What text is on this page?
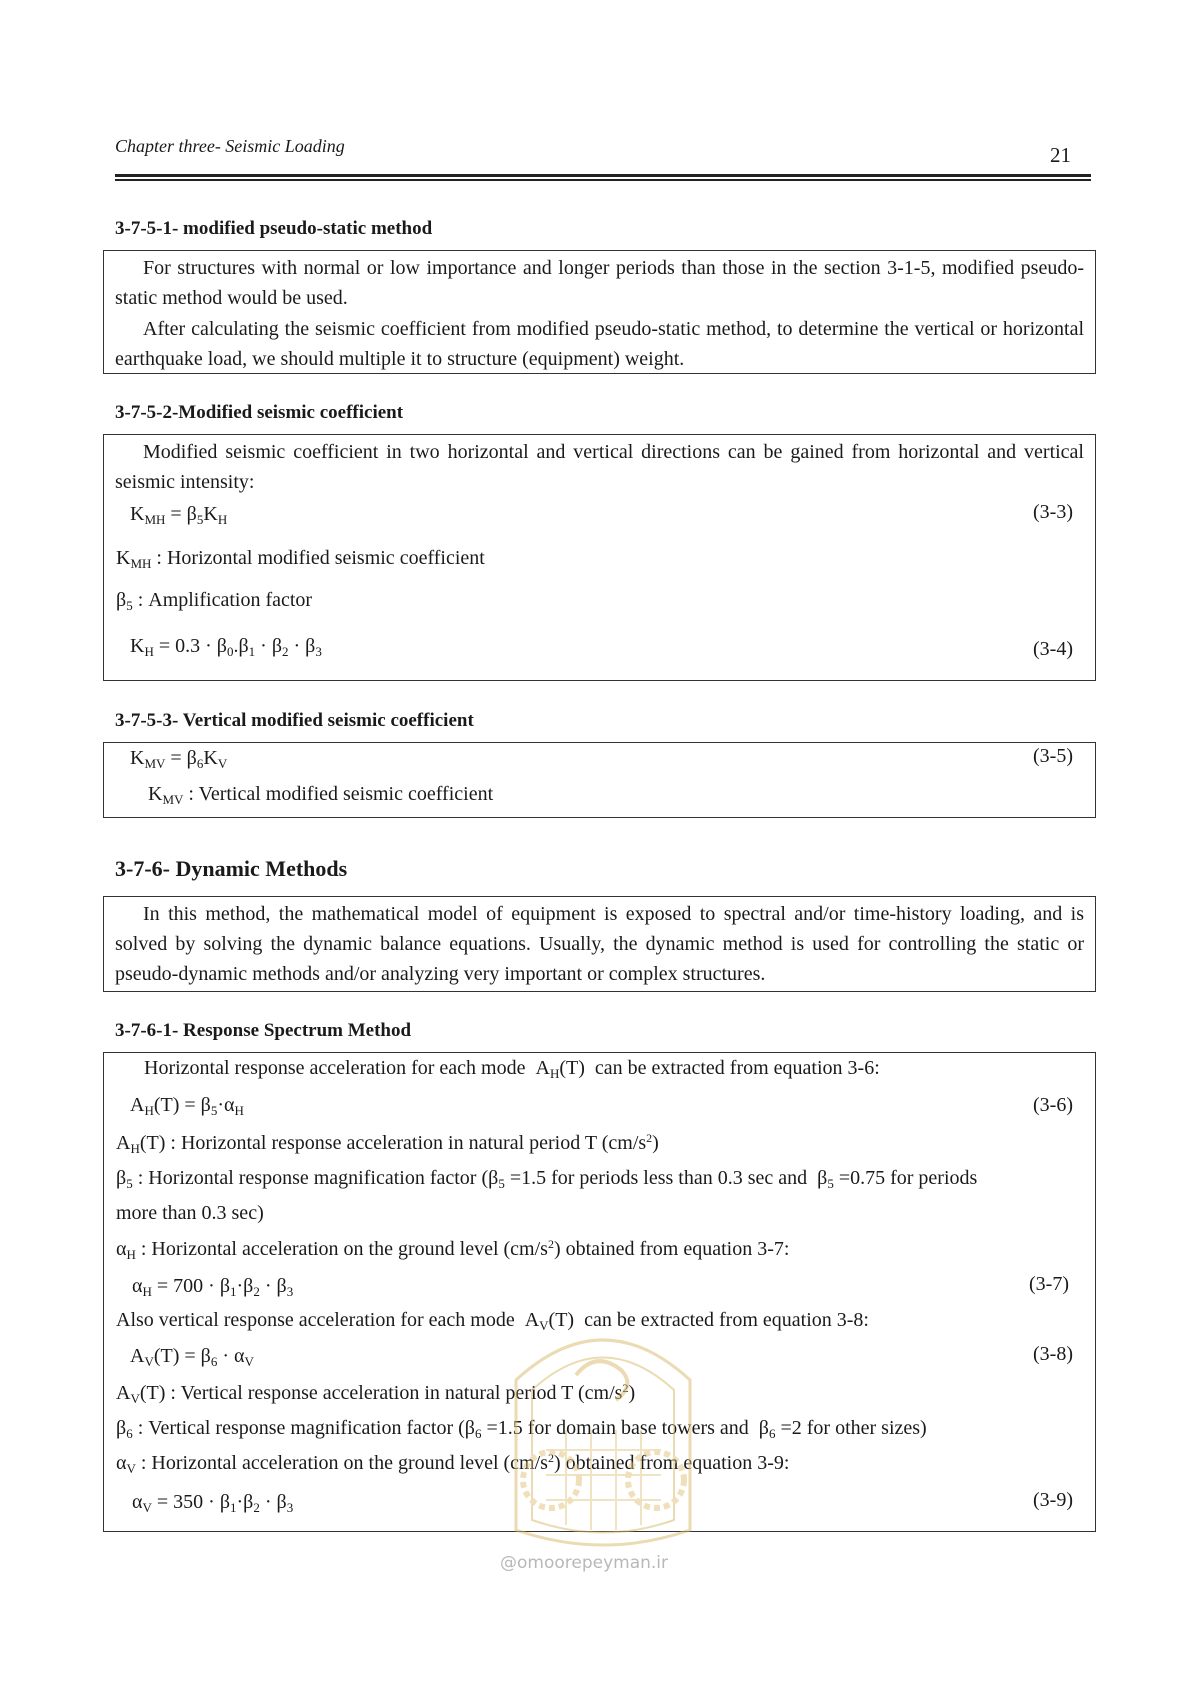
Chapter three- Seismic Loading	21
3-7-5-1- modified pseudo-static method
For structures with normal or low importance and longer periods than those in the section 3-1-5, modified pseudo-static method would be used.
After calculating the seismic coefficient from modified pseudo-static method, to determine the vertical or horizontal earthquake load, we should multiple it to structure (equipment) weight.
3-7-5-2-Modified seismic coefficient
Modified seismic coefficient in two horizontal and vertical directions can be gained from horizontal and vertical seismic intensity:
$K_{MH} = \beta_5K_H$	(3-3)
$K_{MH}$ : Horizontal modified seismic coefficient
$\beta_5$ : Amplification factor
$K_H = 0.3 \cdot \beta_0.\beta_1 \cdot \beta_2 \cdot \beta_3$	(3-4)
3-7-5-3- Vertical modified seismic coefficient
$K_{MV} = \beta_6K_V$	(3-5)
$K_{MV}$ : Vertical modified seismic coefficient
3-7-6- Dynamic Methods
In this method, the mathematical model of equipment is exposed to spectral and/or time-history loading, and is solved by solving the dynamic balance equations. Usually, the dynamic method is used for controlling the static or pseudo-dynamic methods and/or analyzing very important or complex structures.
3-7-6-1- Response Spectrum Method
Horizontal response acceleration for each mode  $A_H(T)$  can be extracted from equation 3-6:
$A_H(T) = \beta_5\cdot\alpha_H$	(3-6)
$A_H(T)$ : Horizontal response acceleration in natural period T $(cm/s^2)$
$\beta_5$ : Horizontal response magnification factor ($\beta_5 =1.5$ for periods less than 0.3 sec and  $\beta_5 =0.75$ for periods
more than 0.3 sec)
$\alpha_H$ : Horizontal acceleration on the ground level $(cm/s^2)$ obtained from equation 3-7:
$\alpha_H = 700 \cdot \beta_1\cdot\beta_2 \cdot \beta_3$	(3-7)
Also vertical response acceleration for each mode  $A_V(T)$  can be extracted from equation 3-8:
$A_V(T) = \beta_6 \cdot \alpha_V$	(3-8)
$A_V(T)$ : Vertical response acceleration in natural period T $(cm/s^2)$
$\beta_6$ : Vertical response magnification factor ($\beta_6 =1.5$ for domain base towers and  $\beta_6 =2$ for other sizes)
$\alpha_V$ : Horizontal acceleration on the ground level $(cm/s^2)$ obtained from equation 3-9:
$\alpha_V = 350 \cdot \beta_1\cdot\beta_2 \cdot \beta_3$	(3-9)
@omoorepeyman.ir
